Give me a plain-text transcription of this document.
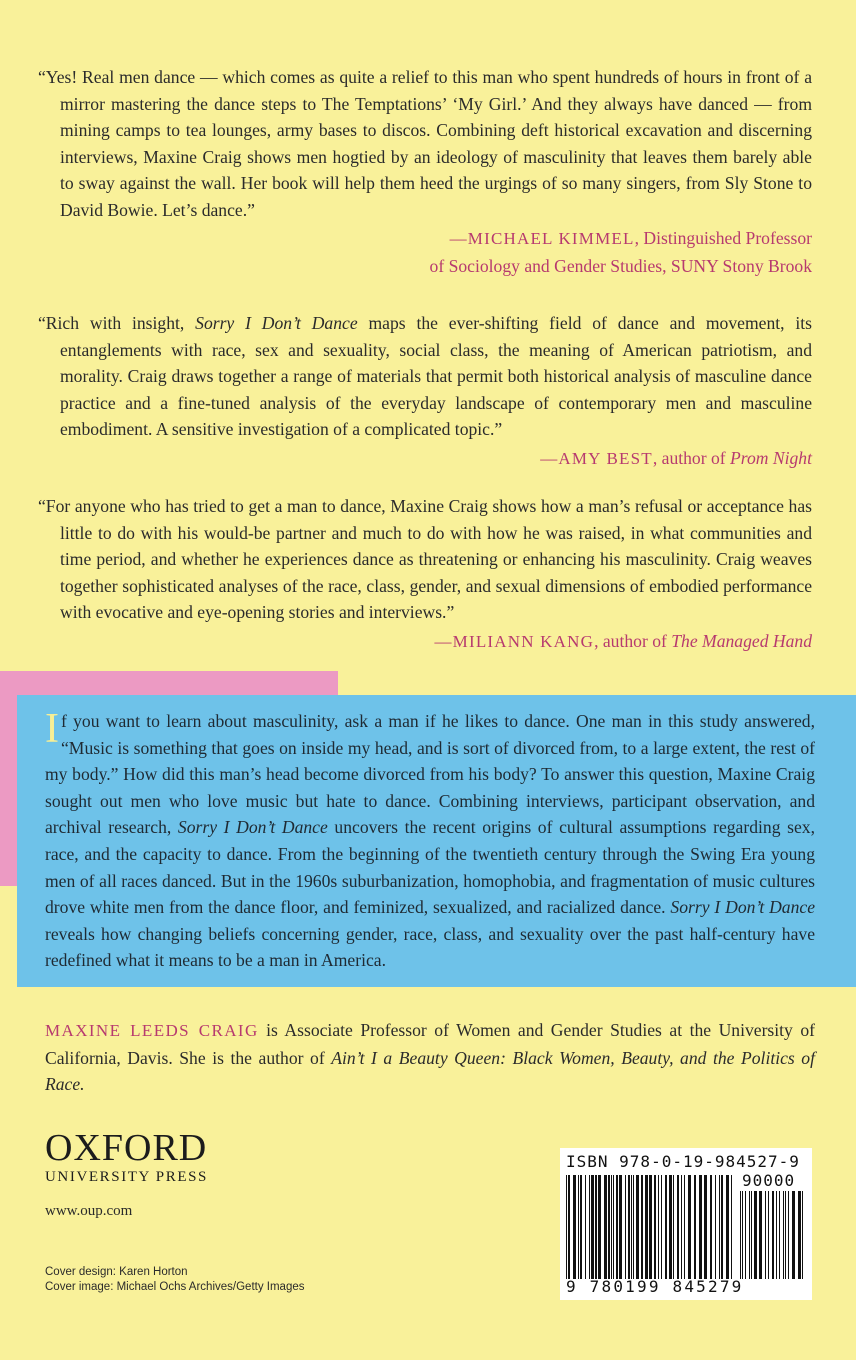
“Yes! Real men dance — which comes as quite a relief to this man who spent hundreds of hours in front of a mirror mastering the dance steps to The Temptations’ ‘My Girl.’ And they always have danced — from mining camps to tea lounges, army bases to discos. Combining deft historical excavation and discerning interviews, Maxine Craig shows men hogtied by an ideology of masculinity that leaves them barely able to sway against the wall. Her book will help them heed the urgings of so many singers, from Sly Stone to David Bowie. Let’s dance.”

—MICHAEL KIMMEL, Distinguished Professor
of Sociology and Gender Studies, SUNY Stony Brook

“Rich with insight, Sorry I Don’t Dance maps the ever-shifting field of dance and movement, its entanglements with race, sex and sexuality, social class, the meaning of American patriotism, and morality. Craig draws together a range of materials that permit both historical analysis of masculine dance practice and a fine-tuned analysis of the everyday landscape of contemporary men and masculine embodiment. A sensitive investigation of a complicated topic.”

—AMY BEST, author of Prom Night

“For anyone who has tried to get a man to dance, Maxine Craig shows how a man’s refusal or acceptance has little to do with his would-be partner and much to do with how he was raised, in what communities and time period, and whether he experiences dance as threatening or enhancing his masculinity. Craig weaves together sophisticated analyses of the race, class, gender, and sexual dimensions of embodied performance with evocative and eye-opening stories and interviews.”

—MILIANN KANG, author of The Managed Hand
If you want to learn about masculinity, ask a man if he likes to dance. One man in this study answered, “Music is something that goes on inside my head, and is sort of divorced from, to a large extent, the rest of my body.” How did this man’s head become divorced from his body? To answer this question, Maxine Craig sought out men who love music but hate to dance. Combining interviews, participant observation, and archival research, Sorry I Don’t Dance uncovers the recent origins of cultural assumptions regarding sex, race, and the capacity to dance. From the beginning of the twentieth century through the Swing Era young men of all races danced. But in the 1960s suburbanization, homophobia, and fragmentation of music cultures drove white men from the dance floor, and feminized, sexualized, and racialized dance. Sorry I Don’t Dance reveals how changing beliefs concerning gender, race, class, and sexuality over the past half-century have redefined what it means to be a man in America.
MAXINE LEEDS CRAIG is Associate Professor of Women and Gender Studies at the University of California, Davis. She is the author of Ain’t I a Beauty Queen: Black Women, Beauty, and the Politics of Race.
OXFORD
UNIVERSITY PRESS
www.oup.com
Cover design: Karen Horton
Cover image: Michael Ochs Archives/Getty Images
ISBN 978-0-19-984527-9
90000
9 780199 845279
